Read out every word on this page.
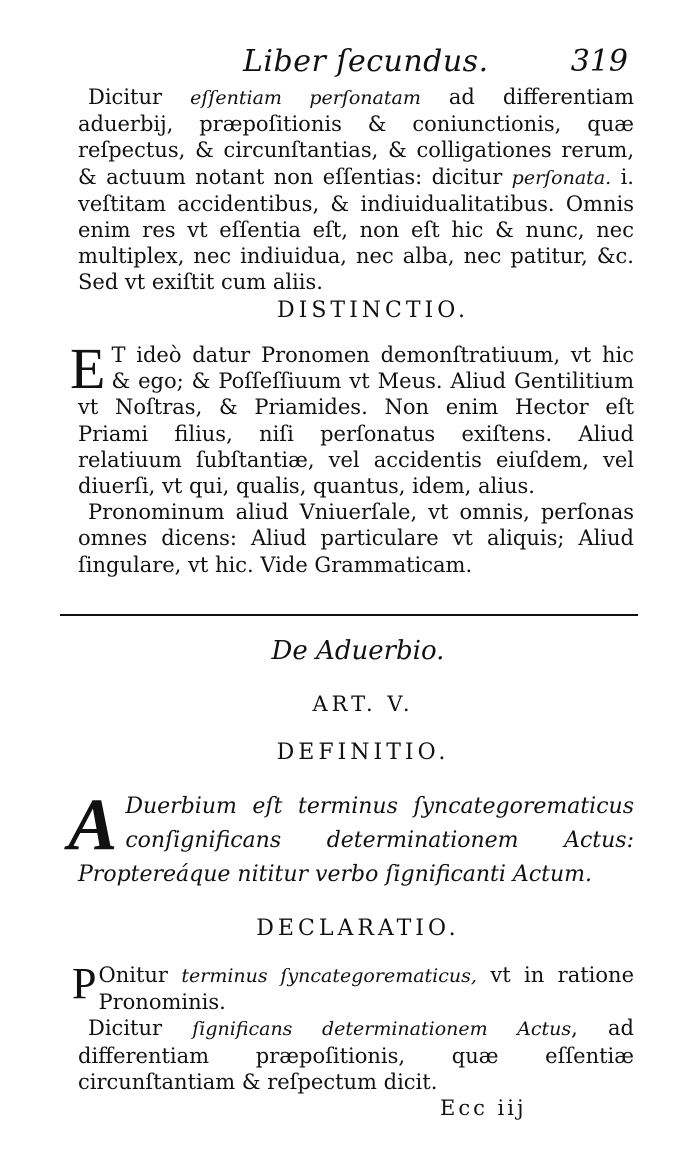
Liber ſecundus.	319

Dicitur eſſentiam perſonatam ad differentiam aduerbij, præpoſitionis & coniunctionis, quæ reſpectus, & circunſtantias, & colligationes rerum, & actuum notant non eſſentias: dicitur perſonata. i. veſtitam accidentibus, & indiuidualitatibus. Omnis enim res vt eſſentia eſt, non eſt hic & nunc, nec multiplex, nec indiuidua, nec alba, nec patitur, &c. Sed vt exiſtit cum aliis.

DISTINCTIO.

E T ideò datur Pronomen demonſtratiuum, vt hic & ego; & Poſſeſſiuum vt Meus. Aliud Gentilitium vt Noſtras, & Priamides. Non enim Hector eſt Priami filius, niſi perſonatus exiſtens. Aliud relatiuum ſubſtantiæ, vel accidentis eiuſdem, vel diuerſi, vt qui, qualis, quantus, idem, alius.

Pronominum aliud Vniuerſale, vt omnis, perſonas omnes dicens: Aliud particulare vt aliquis; Aliud ſingulare, vt hic. Vide Grammaticam.

De Aduerbio.
ART. V.
DEFINITIO.

A Duerbium eſt terminus ſyncategorematicus conſignificans determinationem Actus: Proptereáque nititur verbo ſignificanti Actum.

DECLARATIO.

P Onitur terminus ſyncategorematicus, vt in ratione Pronominis.

Dicitur ſignificans determinationem Actus, ad differentiam præpoſitionis, quæ eſſentiæ circunſtantiam & reſpectum dicit.

Ecc iij
